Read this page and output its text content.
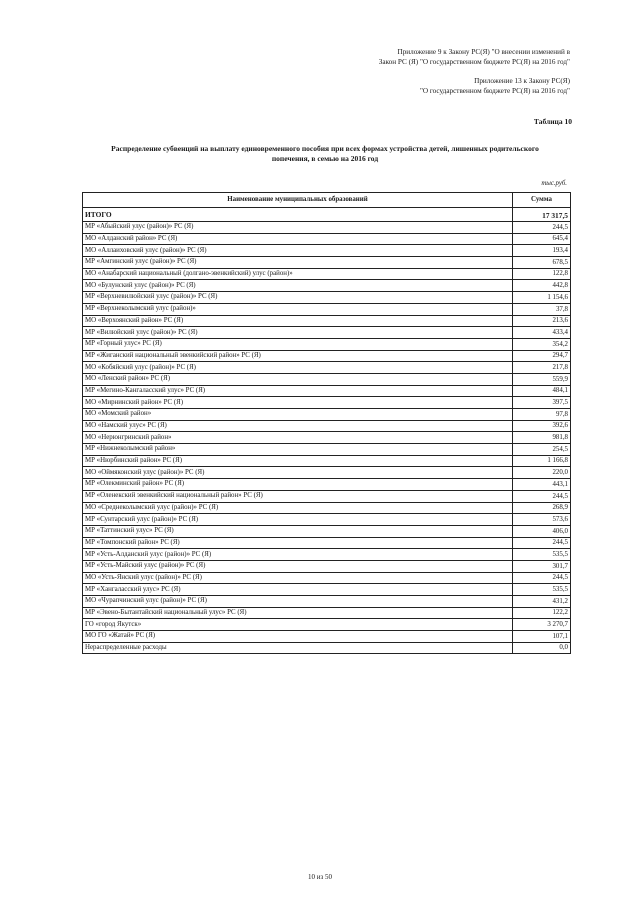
Приложение 9 к Закону РС(Я) "О внесении изменений в
Закон РС (Я) "О государственном бюджете РС(Я) на 2016 год"
Приложение 13 к Закону РС(Я)
"О государственном бюджете РС(Я) на 2016 год"
Таблица 10
Распределение субвенций на выплату единовременного пособия при всех формах устройства детей, лишенных родительского
попечения, в семью на 2016 год
тыс.руб.
Наименование муниципальных образований	Сумма
ИТОГО	17 317,5
МР «Абыйский улус (район)» РС (Я)	244,5
МО «Алданский район» РС (Я)	645,4
МО «Аллаиховский улус (район)» РС (Я)	193,4
МР «Амгинский улус (район)» РС (Я)	678,5
МО «Анабарский национальный (долгано-эвенкийский) улус (район)»	122,8
МО «Булунский улус (район)» РС (Я)	442,8
МР «Верхневилюйский улус (район)» РС (Я)	1 154,6
МР «Верхнеколымский улус (район)»	37,8
МО «Верхоянский район» РС (Я)	213,6
МР «Вилюйский улус (район)» РС (Я)	433,4
МР «Горный улус» РС (Я)	354,2
МР «Жиганский национальный эвенкийский район» РС (Я)	294,7
МО «Кобяйский улус (район)» РС (Я)	217,8
МО «Ленский район» РС (Я)	559,9
МР «Мегино-Кангаласский улус» РС (Я)	484,1
МО «Мирнинский район» РС (Я)	397,5
МО «Момский район»	97,8
МО «Намский улус» РС (Я)	392,6
МО «Нерюнгринский район»	981,8
МР «Нижнеколымский район»	254,5
МР «Нюрбинский район» РС (Я)	1 166,8
МО «Оймяконский улус (район)» РС (Я)	220,0
МР «Олекминский район» РС (Я)	443,1
МР «Оленекский эвенкийский национальный район» РС (Я)	244,5
МО «Среднеколымский улус (район)» РС (Я)	268,9
МР «Сунтарский улус (район)» РС (Я)	573,6
МР «Таттинский улус» РС (Я)	406,0
МР «Томпонский район» РС (Я)	244,5
МР «Усть-Алданский улус (район)» РС (Я)	535,5
МР «Усть-Майский улус (район)» РС (Я)	301,7
МО «Усть-Янский улус (район)» РС (Я)	244,5
МР «Хангаласский улус» РС (Я)	535,5
МО «Чурапчинский улус (район)» РС (Я)	431,2
МР «Эвено-Бытантайский национальный улус» РС (Я)	122,2
ГО «город Якутск»	3 270,7
МО ГО «Жатай» РС (Я)	107,1
Нераспределенные расходы	0,0
10 из 50
